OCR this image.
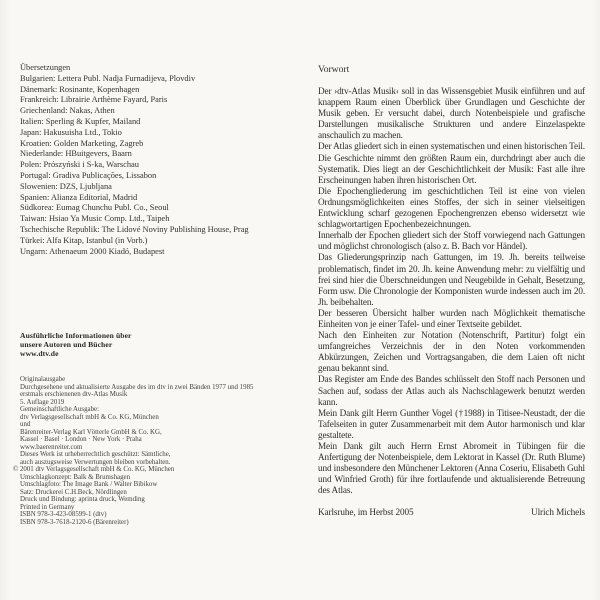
Übersetzungen
Bulgarien: Lettera Publ. Nadja Furnadijeva, Plovdiv
Dänemark: Rosinante, Kopenhagen
Frankreich: Librairie Arthème Fayard, Paris
Griechenland: Nakas, Athen
Italien: Sperling & Kupfer, Mailand
Japan: Hakusuisha Ltd., Tokio
Kroatien: Golden Marketing, Zagreb
Niederlande: HBuitgevers, Baarn
Polen: Prószyński i S-ka, Warschau
Portugal: Gradiva Publicações, Lissabon
Slowenien: DZS, Ljubljana
Spanien: Alianza Editorial, Madrid
Südkorea: Eumag Chunchu Publ. Co., Seoul
Taiwan: Hsiao Ya Music Comp. Ltd., Taipeh
Tschechische Republik: The Lidové Noviny Publishing House, Prag
Türkei: Alfa Kitap, Istanbul (in Vorb.)
Ungarn: Athenaeum 2000 Kiadó, Budapest
Ausführliche Informationen über
unsere Autoren und Bücher
www.dtv.de
Originalausgabe
Durchgesehene und aktualisierte Ausgabe des im dtv in zwei Bänden 1977 und 1985
erstmals erschienenen dtv-Atlas Musik
5. Auflage 2019
Gemeinschaftliche Ausgabe:
dtv Verlagsgesellschaft mbH & Co. KG, München
und
Bärenreiter-Verlag Karl Vötterle GmbH & Co. KG,
Kassel · Basel · London · New York · Praha
www.baerenreiter.com
Dieses Werk ist urheberrechtlich geschützt: Sämtliche,
auch auszugsweise Verwertungen bleiben vorbehalten.
© 2001 dtv Verlagsgesellschaft mbH & Co. KG, München
Umschlagkonzept: Balk & Brumshagen
Umschlagfoto: The Image Bank / Walter Bibikow
Satz: Druckerei C.H.Beck, Nördlingen
Druck und Bindung: aprinta druck, Wemding
Printed in Germany
ISBN 978-3-423-08599-1 (dtv)
ISBN 978-3-7618-2120-6 (Bärenreiter)
Vorwort

Der ›dtv-Atlas Musik‹ soll in das Wissensgebiet Musik einführen und auf knappem Raum einen Überblick über Grundlagen und Geschichte der Musik geben. Er versucht dabei, durch Notenbeispiele und grafische Darstellungen musikalische Strukturen und andere Einzelaspekte anschaulich zu machen.

Der Atlas gliedert sich in einen systematischen und einen historischen Teil. Die Geschichte nimmt den größten Raum ein, durchdringt aber auch die Systematik. Dies liegt an der Geschichtlichkeit der Musik: Fast alle ihre Erscheinungen haben ihren historischen Ort.

Die Epochengliederung im geschichtlichen Teil ist eine von vielen Ordnungsmöglichkeiten eines Stoffes, der sich in seiner vielseitigen Entwicklung scharf gezogenen Epochengrenzen ebenso widersetzt wie schlagwortartigen Epochenbezeichnungen.

Innerhalb der Epochen gliedert sich der Stoff vorwiegend nach Gattungen und möglichst chronologisch (also z. B. Bach vor Händel).

Das Gliederungsprinzip nach Gattungen, im 19. Jh. bereits teilweise problematisch, findet im 20. Jh. keine Anwendung mehr: zu vielfältig und frei sind hier die Überschneidungen und Neugebilde in Gehalt, Besetzung, Form usw. Die Chronologie der Komponisten wurde indessen auch im 20. Jh. beibehalten.

Der besseren Übersicht halber wurden nach Möglichkeit thematische Einheiten von je einer Tafel- und einer Textseite gebildet.

Nach den Einheiten zur Notation (Notenschrift, Partitur) folgt ein umfangreiches Verzeichnis der in den Noten vorkommenden Abkürzungen, Zeichen und Vortragsangaben, die dem Laien oft nicht genau bekannt sind.

Das Register am Ende des Bandes schlüsselt den Stoff nach Personen und Sachen auf, sodass der Atlas auch als Nachschlagewerk benutzt werden kann.

Mein Dank gilt Herrn Gunther Vogel (†1988) in Titisee-Neustadt, der die Tafelseiten in guter Zusammenarbeit mit dem Autor harmonisch und klar gestaltete.

Mein Dank gilt auch Herrn Ernst Abromeit in Tübingen für die Anfertigung der Notenbeispiele, dem Lektorat in Kassel (Dr. Ruth Blume) und insbesondere den Münchener Lektoren (Anna Coseriu, Elisabeth Guhl und Winfried Groth) für ihre fortlaufende und aktualisierende Betreuung des Atlas.

Karlsruhe, im Herbst 2005	Ulrich Michels
